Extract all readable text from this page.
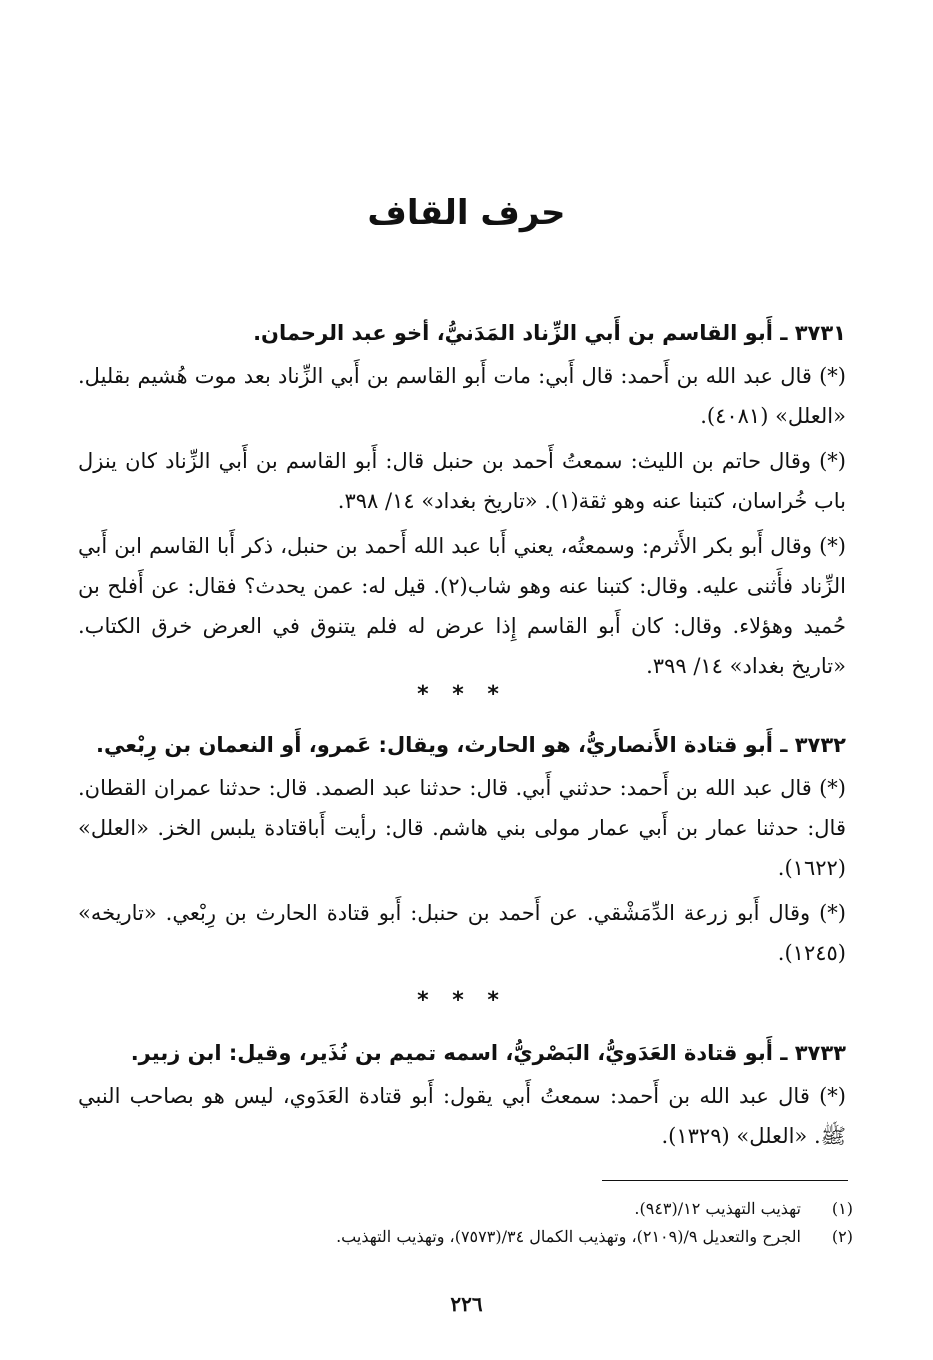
حرف القاف
٣٧٣١ ـ أَبو القاسم بن أَبي الزِّناد المَدَنيُّ، أخو عبد الرحمان.

(*) قال عبد الله بن أَحمد: قال أَبي: مات أَبو القاسم بن أَبي الزِّناد بعد موت هُشيم بقليل. «العلل» (٤٠٨١).

(*) وقال حاتم بن الليث: سمعتُ أَحمد بن حنبل قال: أَبو القاسم بن أَبي الزِّناد كان ينزل باب خُراسان، كتبنا عنه وهو ثقة(١). «تاريخ بغداد» ١٤/ ٣٩٨.

(*) وقال أَبو بكر الأَثرم: وسمعتُه، يعني أَبا عبد الله أَحمد بن حنبل، ذكر أَبا القاسم ابن أَبي الزِّناد فأَثنى عليه. وقال: كتبنا عنه وهو شاب(٢). قيل له: عمن يحدث؟ فقال: عن أَفلح بن حُميد وهؤلاء. وقال: كان أَبو القاسم إِذا عرض له فلم يتنوق في العرض خرق الكتاب. «تاريخ بغداد» ١٤/ ٣٩٩.

* * *
٣٧٣٢ ـ أَبو قتادة الأَنصاريُّ، هو الحارث، ويقال: عَمرو، أَو النعمان بن رِبْعي.

(*) قال عبد الله بن أَحمد: حدثني أَبي. قال: حدثنا عبد الصمد. قال: حدثنا عمران القطان. قال: حدثنا عمار بن أَبي عمار مولى بني هاشم. قال: رأيت أَباقتادة يلبس الخز. «العلل» (١٦٢٢).

(*) وقال أَبو زرعة الدِّمَشْقي. عن أَحمد بن حنبل: أَبو قتادة الحارث بن رِبْعي. «تاريخه» (١٢٤٥).

* * *
٣٧٣٣ ـ أَبو قتادة العَدَويُّ، البَصْريُّ، اسمه تميم بن نُذَير، وقيل: ابن زبير.

(*) قال عبد الله بن أَحمد: سمعتُ أَبي يقول: أَبو قتادة العَدَوي، ليس هو بصاحب النبي ﷺ. «العلل» (١٣٢٩).

(١)
تهذيب التهذيب ١٢/(٩٤٣).
(٢)
الجرح والتعديل ٩/(٢١٠٩)، وتهذيب الكمال ٣٤/(٧٥٧٣)، وتهذيب التهذيب.
٢٢٦
